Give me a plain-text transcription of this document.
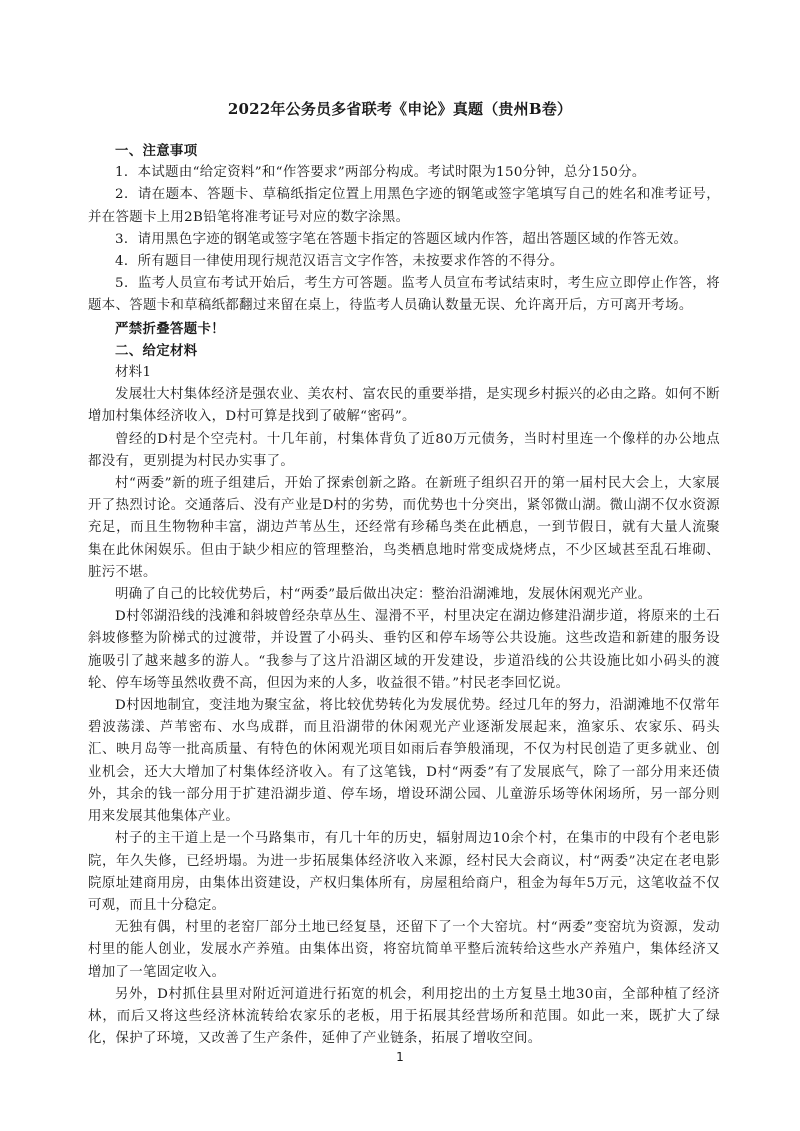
2022年公务员多省联考《申论》真题（贵州B卷）

一、注意事项

1．本试题由“给定资料”和“作答要求”两部分构成。考试时限为150分钟，总分150分。

2．请在题本、答题卡、草稿纸指定位置上用黑色字迹的钢笔或签字笔填写自己的姓名和准考证号，并在答题卡上用2B铅笔将准考证号对应的数字涂黑。

3．请用黑色字迹的钢笔或签字笔在答题卡指定的答题区域内作答，超出答题区域的作答无效。

4．所有题目一律使用现行规范汉语言文字作答，未按要求作答的不得分。

5．监考人员宣布考试开始后，考生方可答题。监考人员宣布考试结束时，考生应立即停止作答，将题本、答题卡和草稿纸都翻过来留在桌上，待监考人员确认数量无误、允许离开后，方可离开考场。

严禁折叠答题卡！

二、给定材料

材料1

发展壮大村集体经济是强农业、美农村、富农民的重要举措，是实现乡村振兴的必由之路。如何不断增加村集体经济收入，D村可算是找到了破解“密码”。

曾经的D村是个空壳村。十几年前，村集体背负了近80万元债务，当时村里连一个像样的办公地点都没有，更别提为村民办实事了。

村“两委”新的班子组建后，开始了探索创新之路。在新班子组织召开的第一届村民大会上，大家展开了热烈讨论。交通落后、没有产业是D村的劣势，而优势也十分突出，紧邻微山湖。微山湖不仅水资源充足，而且生物物种丰富，湖边芦苇丛生，还经常有珍稀鸟类在此栖息，一到节假日，就有大量人流聚集在此休闲娱乐。但由于缺少相应的管理整治，鸟类栖息地时常变成烧烤点，不少区域甚至乱石堆砌、脏污不堪。

明确了自己的比较优势后，村“两委”最后做出决定：整治沿湖滩地，发展休闲观光产业。

D村邻湖沿线的浅滩和斜坡曾经杂草丛生、湿滑不平，村里决定在湖边修建沿湖步道，将原来的土石斜坡修整为阶梯式的过渡带，并设置了小码头、垂钓区和停车场等公共设施。这些改造和新建的服务设施吸引了越来越多的游人。“我参与了这片沿湖区域的开发建设，步道沿线的公共设施比如小码头的渡轮、停车场等虽然收费不高，但因为来的人多，收益很不错。”村民老李回忆说。

D村因地制宜，变洼地为聚宝盆，将比较优势转化为发展优势。经过几年的努力，沿湖滩地不仅常年碧波荡漾、芦苇密布、水鸟成群，而且沿湖带的休闲观光产业逐渐发展起来，渔家乐、农家乐、码头汇、映月岛等一批高质量、有特色的休闲观光项目如雨后春笋般涌现，不仅为村民创造了更多就业、创业机会，还大大增加了村集体经济收入。有了这笔钱，D村“两委”有了发展底气，除了一部分用来还债外，其余的钱一部分用于扩建沿湖步道、停车场，增设环湖公园、儿童游乐场等休闲场所，另一部分则用来发展其他集体产业。

村子的主干道上是一个马路集市，有几十年的历史，辐射周边10余个村，在集市的中段有个老电影院，年久失修，已经坍塌。为进一步拓展集体经济收入来源，经村民大会商议，村“两委”决定在老电影院原址建商用房，由集体出资建设，产权归集体所有，房屋租给商户，租金为每年5万元，这笔收益不仅可观，而且十分稳定。

无独有偶，村里的老窑厂部分土地已经复垦，还留下了一个大窑坑。村“两委”变窑坑为资源，发动村里的能人创业，发展水产养殖。由集体出资，将窑坑简单平整后流转给这些水产养殖户，集体经济又增加了一笔固定收入。

另外，D村抓住县里对附近河道进行拓宽的机会，利用挖出的土方复垦土地30亩，全部种植了经济林，而后又将这些经济林流转给农家乐的老板，用于拓展其经营场所和范围。如此一来，既扩大了绿化，保护了环境，又改善了生产条件，延伸了产业链条，拓展了增收空间。

1
